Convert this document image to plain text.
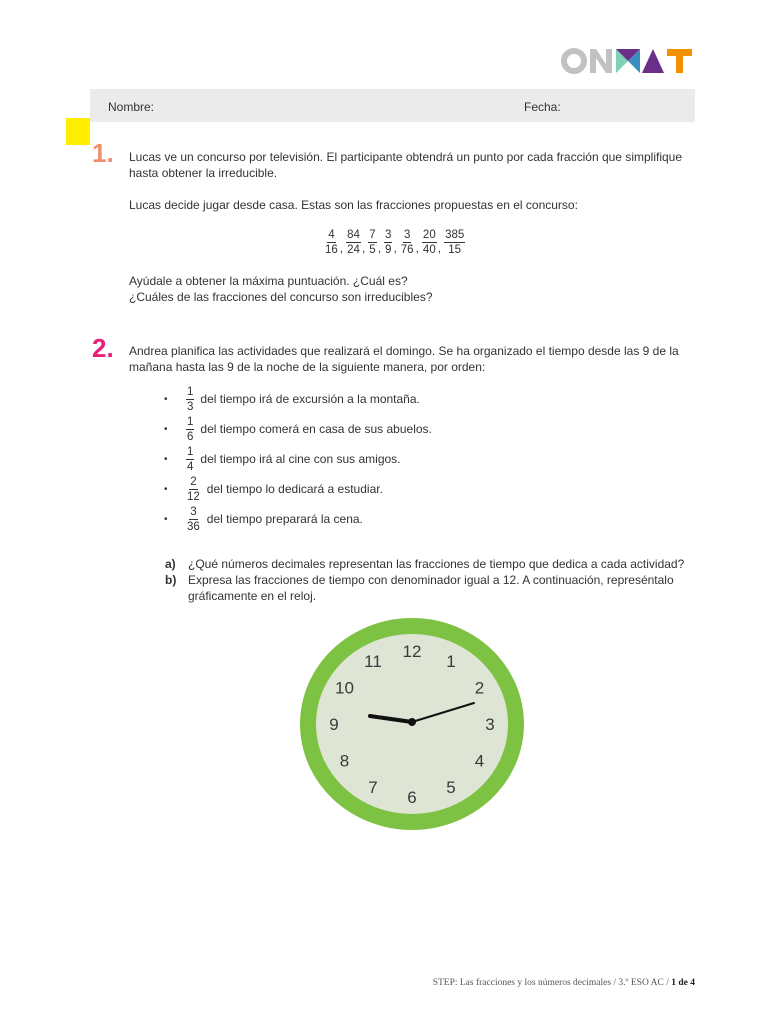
Nombre:	Fecha:
1. Lucas ve un concurso por televisión. El participante obtendrá un punto por cada fracción que simplifique hasta obtener la irreducible.

Lucas decide jugar desde casa. Estas son las fracciones propuestas en el concurso:

$\frac{4}{16}$ , $\frac{84}{24}$ , $\frac{7}{5}$ , $\frac{3}{9}$ , $\frac{3}{76}$ , $\frac{20}{40}$ , $\frac{385}{15}$

Ayúdale a obtener la máxima puntuación. ¿Cuál es?

¿Cuáles de las fracciones del concurso son irreducibles?

2. Andrea planifica las actividades que realizará el domingo. Se ha organizado el tiempo desde las 9 de la mañana hasta las 9 de la noche de la siguiente manera, por orden:

•	$\frac{1}{3}$ del tiempo irá de excursión a la montaña.
•	$\frac{1}{6}$ del tiempo comerá en casa de sus abuelos.
•	$\frac{1}{4}$ del tiempo irá al cine con sus amigos.
•	$\frac{2}{12}$ del tiempo lo dedicará a estudiar.
•	$\frac{3}{36}$ del tiempo preparará la cena.
a) ¿Qué números decimales representan las fracciones de tiempo que dedica a cada actividad?
b) Expresa las fracciones de tiempo con denominador igual a 12. A continuación, represéntalo gráficamente en el reloj.
12
1
2
3
4
5
6
7
8
9
10
11
STEP: Las fracciones y los números decimales / 3.º ESO AC / 1 de 4
